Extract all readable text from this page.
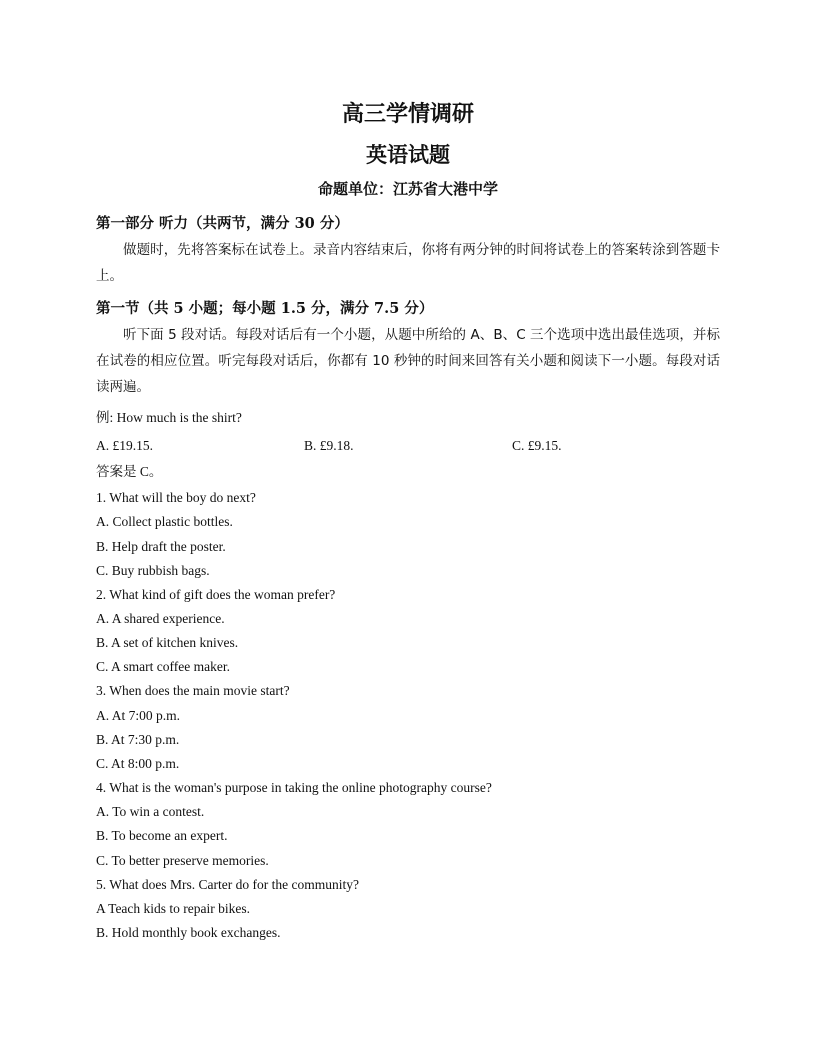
高三学情调研
英语试题
命题单位：江苏省大港中学
第一部分 听力（共两节，满分 30 分）
做题时，先将答案标在试卷上。录音内容结束后，你将有两分钟的时间将试卷上的答案转涂到答题卡上。
第一节（共 5 小题；每小题 1.5 分，满分 7.5 分）
听下面 5 段对话。每段对话后有一个小题，从题中所给的 A、B、C 三个选项中选出最佳选项，并标在试卷的相应位置。听完每段对话后，你都有 10 秒钟的时间来回答有关小题和阅读下一小题。每段对话读两遍。
例: How much is the shirt?
A. £19.15.	B. £9.18.	C. £9.15.
答案是 C。
1. What will the boy do next?
A. Collect plastic bottles.
B. Help draft the poster.
C. Buy rubbish bags.
2. What kind of gift does the woman prefer?
A. A shared experience.
B. A set of kitchen knives.
C. A smart coffee maker.
3. When does the main movie start?
A. At 7:00 p.m.
B. At 7:30 p.m.
C. At 8:00 p.m.
4. What is the woman's purpose in taking the online photography course?
A. To win a contest.
B. To become an expert.
C. To better preserve memories.
5. What does Mrs. Carter do for the community?
A Teach kids to repair bikes.
B. Hold monthly book exchanges.
